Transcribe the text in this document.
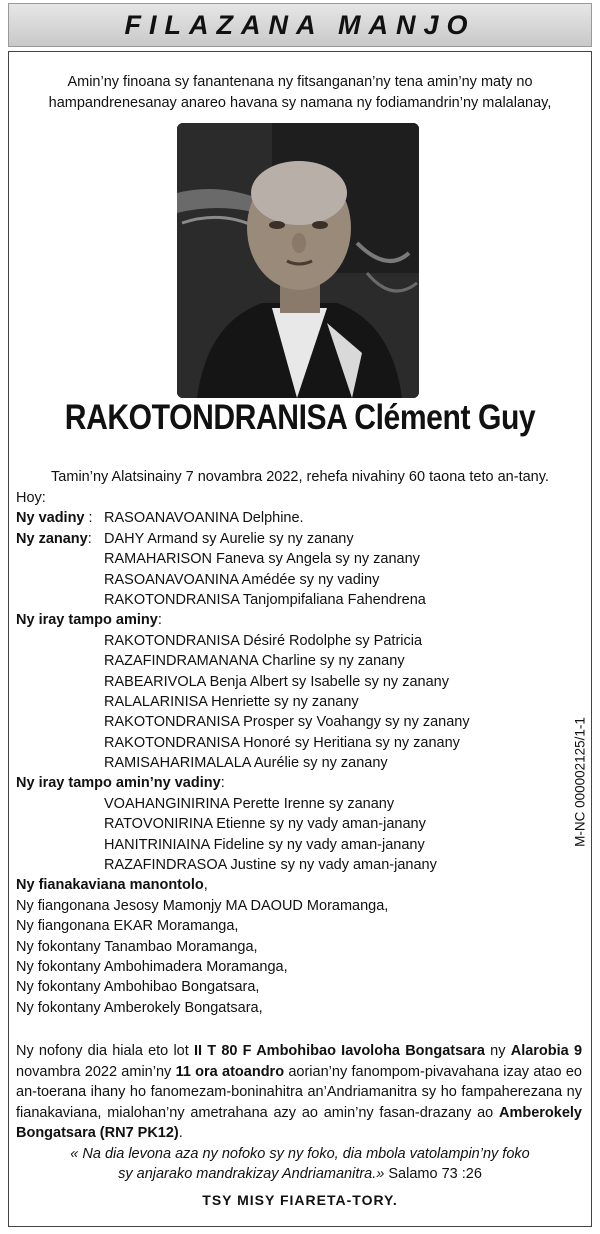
FILAZANA MANJO
Amin’ny finoana sy fanantenana ny fitsanganan’ny tena amin’ny maty no
hampandrenesanay anareo havana sy namana ny fodiamandrin’ny malalanay,
RAKOTONDRANISA Clément Guy
Tamin’ny Alatsinainy 7 novambra 2022, rehefa nivahiny 60 taona teto an-tany.
Hoy:
Ny vadiny : RASOANAVOANINA Delphine.
Ny zanany: DAHY Armand sy Aurelie sy ny zanany
RAMAHARISON Faneva sy Angela sy ny zanany
RASOANAVOANINA Amédée sy ny vadiny
RAKOTONDRANISA Tanjompifaliana Fahendrena
Ny iray tampo aminy:
RAKOTONDRANISA Désiré Rodolphe sy Patricia
RAZAFINDRAMANANA Charline sy ny zanany
RABEARIVOLA Benja Albert sy Isabelle sy ny zanany
RALALARINISA Henriette sy ny zanany
RAKOTONDRANISA Prosper sy Voahangy sy ny zanany
RAKOTONDRANISA Honoré sy Heritiana sy ny zanany
RAMISAHARIMALALA Aurélie sy ny zanany
Ny iray tampo amin’ny vadiny:
VOAHANGINIRINA Perette Irenne sy zanany
RATOVONIRINA Etienne sy ny vady aman-janany
HANITRINIAINA Fideline sy ny vady aman-janany
RAZAFINDRASOA Justine sy ny vady aman-janany
Ny fianakaviana manontolo,
Ny fiangonana Jesosy Mamonjy MA DAOUD Moramanga,
Ny fiangonana EKAR Moramanga,
Ny fokontany Tanambao Moramanga,
Ny fokontany Ambohimadera Moramanga,
Ny fokontany Ambohibao Bongatsara,
Ny fokontany Amberokely Bongatsara,
Ny nofony dia hiala eto lot II T 80 F Ambohibao Iavoloha Bongatsara ny Alarobia 9 novambra 2022 amin’ny 11 ora atoandro aorian’ny fanompom-pivavahana izay atao eo an-toerana ihany ho fanomezam-boninahitra an’Andriamanitra sy ho fampaherezana ny fianakaviana, mialohan’ny ametrahana azy ao amin’ny fasan-drazany ao Amberokely Bongatsara (RN7 PK12).
« Na dia levona aza ny nofoko sy ny foko, dia mbola vatolampin’ny foko
sy anjarako mandrakizay Andriamanitra.» Salamo 73 :26
TSY MISY FIARETA-TORY.
M-NC 000002125/1-1
